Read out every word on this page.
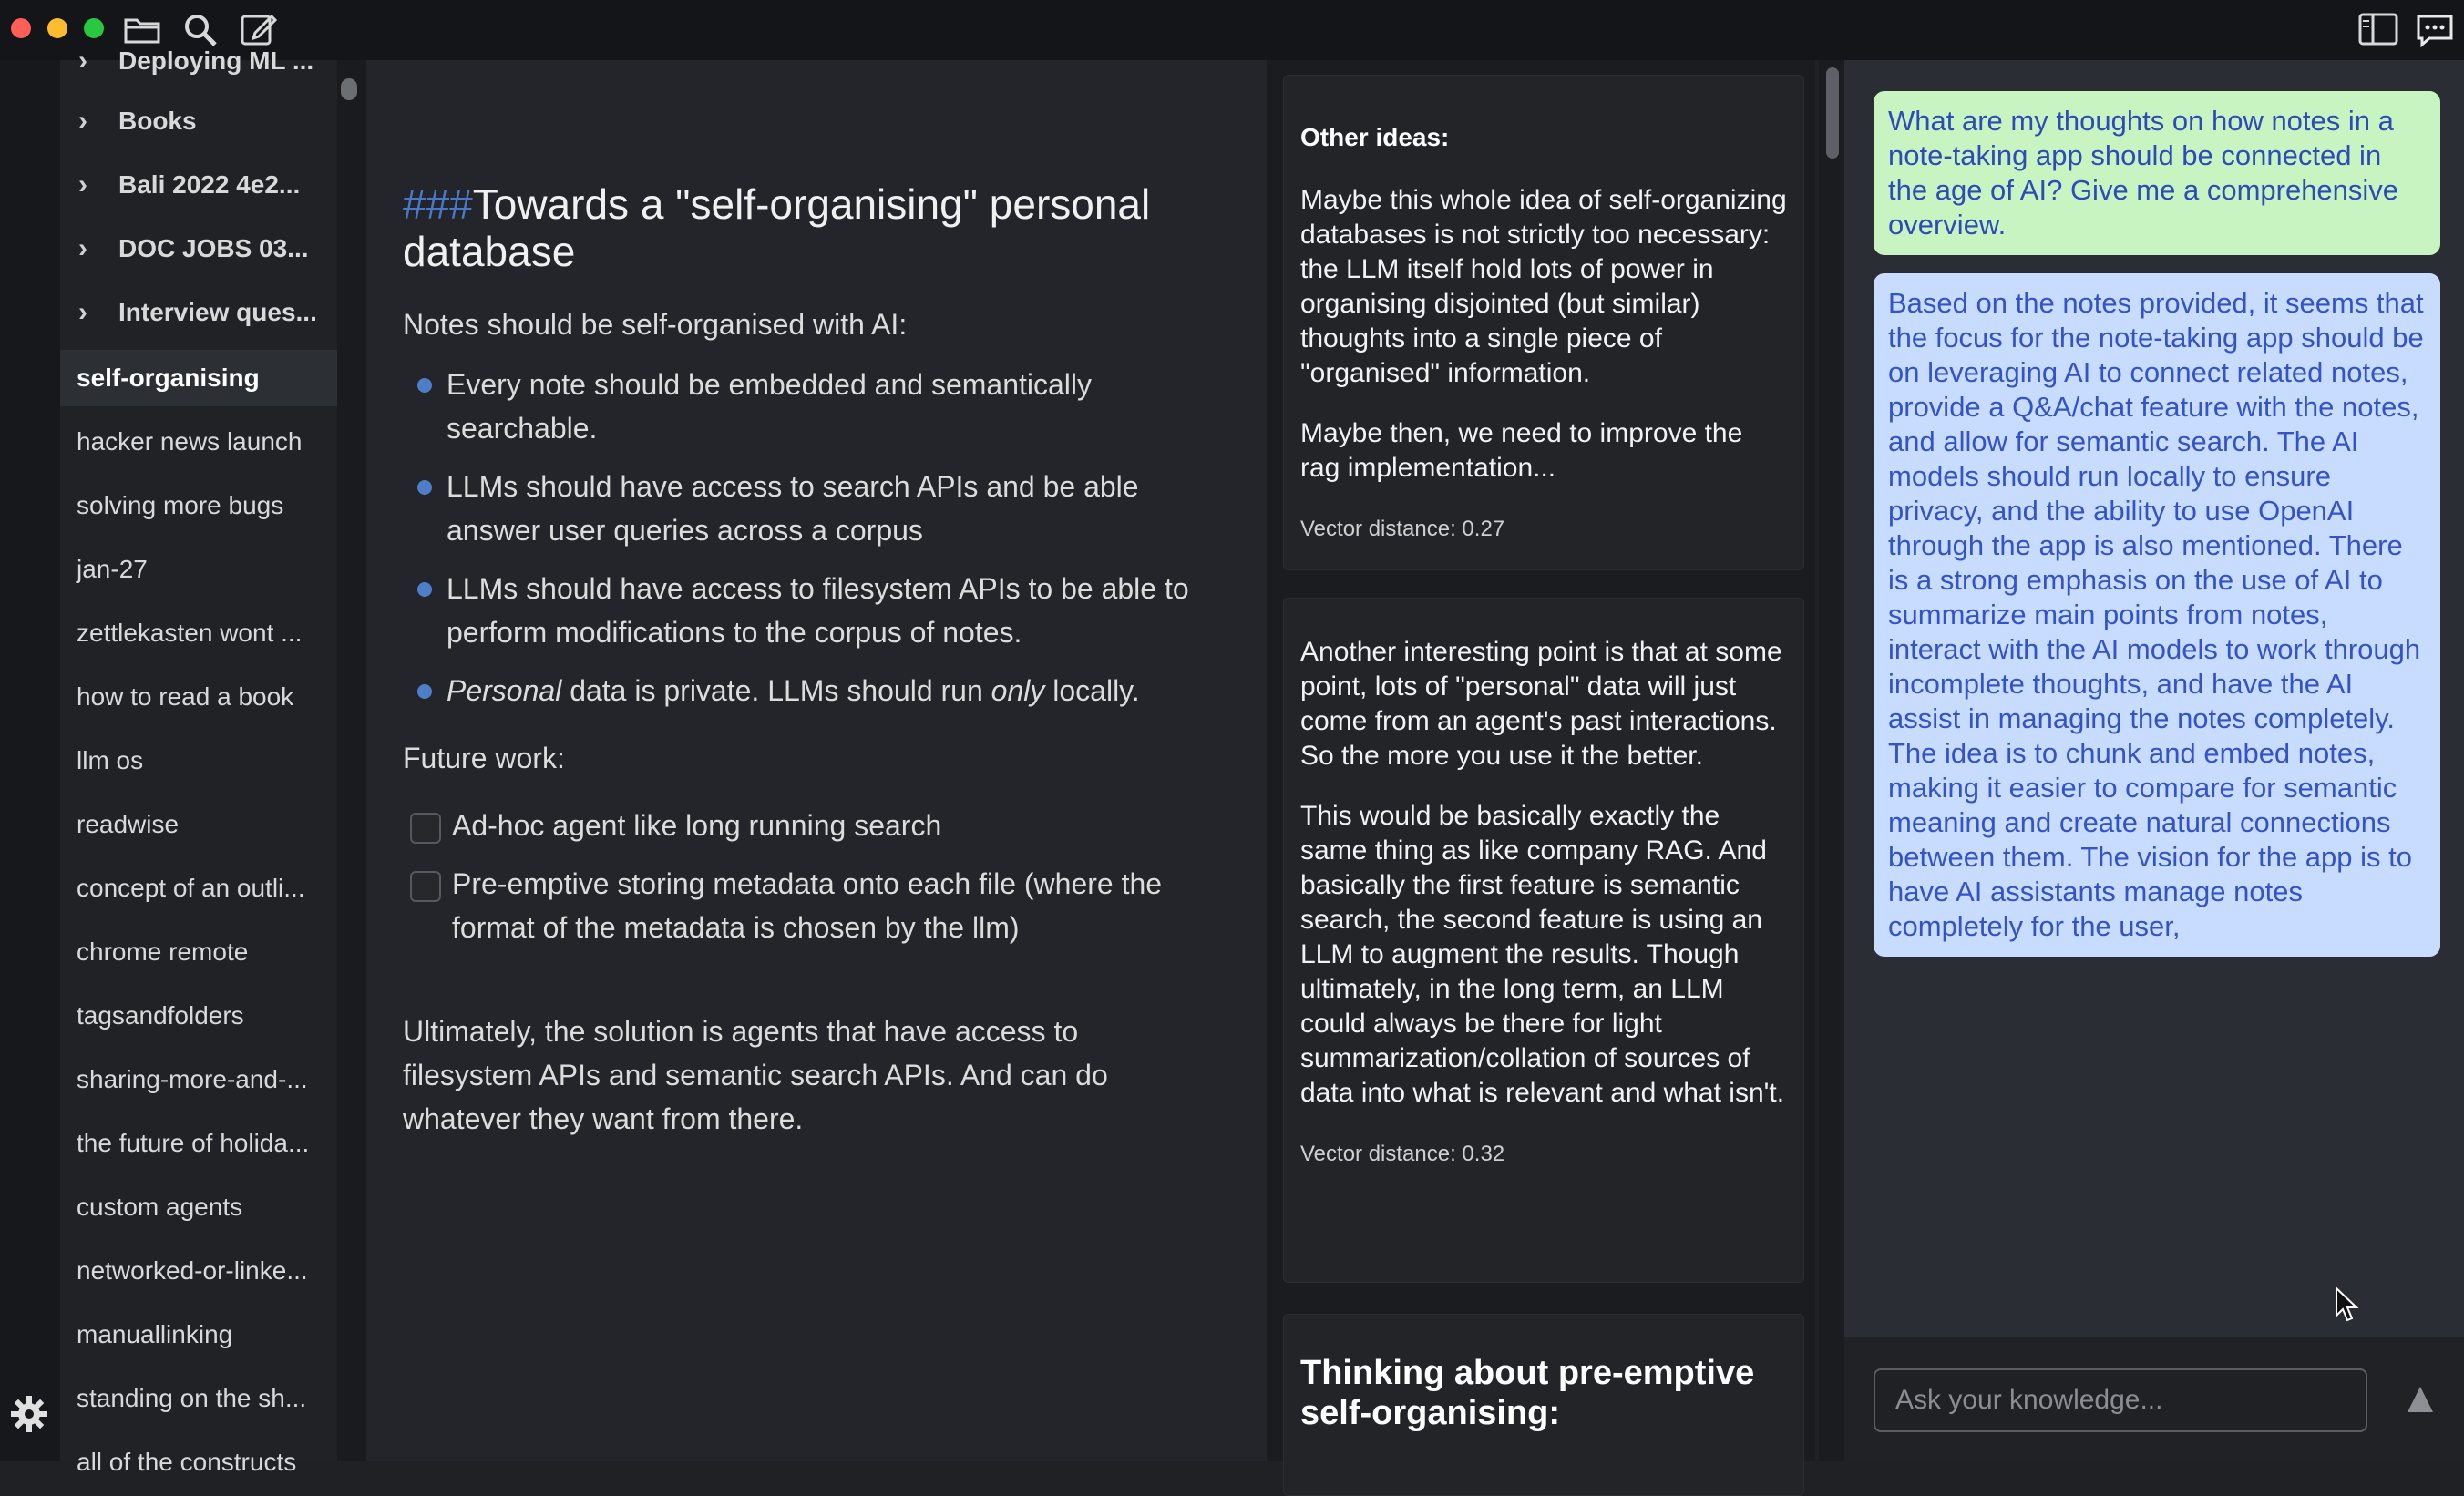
›	Deploying ML ...
›	Books
›	Bali 2022 4e2...
›	DOC JOBS 03...
›	Interview ques...
self-organising
hacker news launch
solving more bugs
jan-27
zettlekasten wont ...
how to read a book
llm os
readwise
concept of an outli...
chrome remote
tagsandfolders
sharing-more-and-...
the future of holida...
custom agents
networked-or-linke...
manuallinking
standing on the sh...
all of the constructs
###Towards a "self-organising" personal database
Notes should be self-organised with AI:
Every note should be embedded and semantically searchable.
LLMs should have access to search APIs and be able answer user queries across a corpus
LLMs should have access to filesystem APIs to be able to perform modifications to the corpus of notes.
Personal data is private. LLMs should run only locally.
Future work:
Ad-hoc agent like long running search
Pre-emptive storing metadata onto each file (where the format of the metadata is chosen by the llm)
Ultimately, the solution is agents that have access to filesystem APIs and semantic search APIs. And can do whatever they want from there.
Other ideas:
Maybe this whole idea of self-organizing databases is not strictly too necessary: the LLM itself hold lots of power in organising disjointed (but similar) thoughts into a single piece of "organised" information.
Maybe then, we need to improve the rag implementation...
Vector distance: 0.27
Another interesting point is that at some point, lots of "personal" data will just come from an agent's past interactions. So the more you use it the better.
This would be basically exactly the same thing as like company RAG. And basically the first feature is semantic search, the second feature is using an LLM to augment the results. Though ultimately, in the long term, an LLM could always be there for light summarization/collation of sources of data into what is relevant and what isn't.
Vector distance: 0.32
Thinking about pre-emptive self-organising:
What are my thoughts on how notes in a note-taking app should be connected in the age of AI? Give me a comprehensive overview.
Based on the notes provided, it seems that the focus for the note-taking app should be on leveraging AI to connect related notes, provide a Q&A/chat feature with the notes, and allow for semantic search. The AI models should run locally to ensure privacy, and the ability to use OpenAI through the app is also mentioned. There is a strong emphasis on the use of AI to summarize main points from notes, interact with the AI models to work through incomplete thoughts, and have the AI assist in managing the notes completely. The idea is to chunk and embed notes, making it easier to compare for semantic meaning and create natural connections between them. The vision for the app is to have AI assistants manage notes completely for the user,
Ask your knowledge...
